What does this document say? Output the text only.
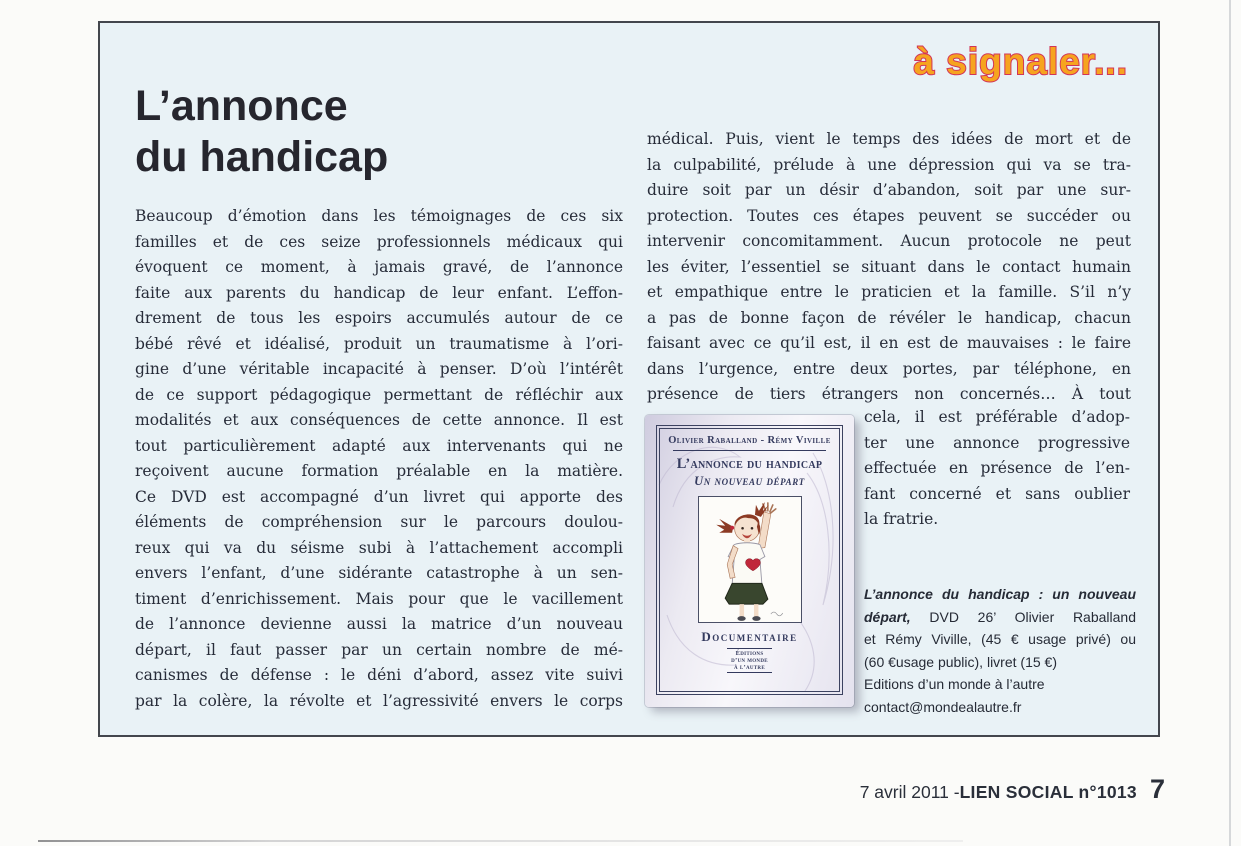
à signaler...
L’annonce
du handicap
Beaucoup d’émotion dans les témoignages de ces six
familles et de ces seize professionnels médicaux qui
évoquent ce moment, à jamais gravé, de l’annonce
faite aux parents du handicap de leur enfant. L’effon-
drement de tous les espoirs accumulés autour de ce
bébé rêvé et idéalisé, produit un traumatisme à l’ori-
gine d’une véritable incapacité à penser. D’où l’intérêt
de ce support pédagogique permettant de réfléchir aux
modalités et aux conséquences de cette annonce. Il est
tout particulièrement adapté aux intervenants qui ne
reçoivent aucune formation préalable en la matière.
Ce DVD est accompagné d’un livret qui apporte des
éléments de compréhension sur le parcours doulou-
reux qui va du séisme subi à l’attachement accompli
envers l’enfant, d’une sidérante catastrophe à un sen-
timent d’enrichissement. Mais pour que le vacillement
de l’annonce devienne aussi la matrice d’un nouveau
départ, il faut passer par un certain nombre de mé-
canismes de défense : le déni d’abord, assez vite suivi
par la colère, la révolte et l’agressivité envers le corps
médical. Puis, vient le temps des idées de mort et de
la culpabilité, prélude à une dépression qui va se tra-
duire soit par un désir d’abandon, soit par une sur-
protection. Toutes ces étapes peuvent se succéder ou
intervenir concomitamment. Aucun protocole ne peut
les éviter, l’essentiel se situant dans le contact humain
et empathique entre le praticien et la famille. S’il n’y
a pas de bonne façon de révéler le handicap, chacun
faisant avec ce qu’il est, il en est de mauvaises : le faire
dans l’urgence, entre deux portes, par téléphone, en
présence de tiers étrangers non concernés… À tout
cela, il est préférable d’adop-
ter une annonce progressive
effectuée en présence de l’en-
fant concerné et sans oublier
la fratrie.
Olivier Raballand - Rémy Viville
L’annonce du handicap
Un nouveau départ
Documentaire
Éditions
d’un monde
à l’autre
L’annonce du handicap : un nouveau
départ, DVD 26’ Olivier Raballand
et Rémy Viville, (45 € usage privé) ou
(60 €usage public), livret (15 €)
Editions d’un monde à l’autre
contact@mondealautre.fr
7 avril 2011 - LIEN SOCIAL n°1013 7
